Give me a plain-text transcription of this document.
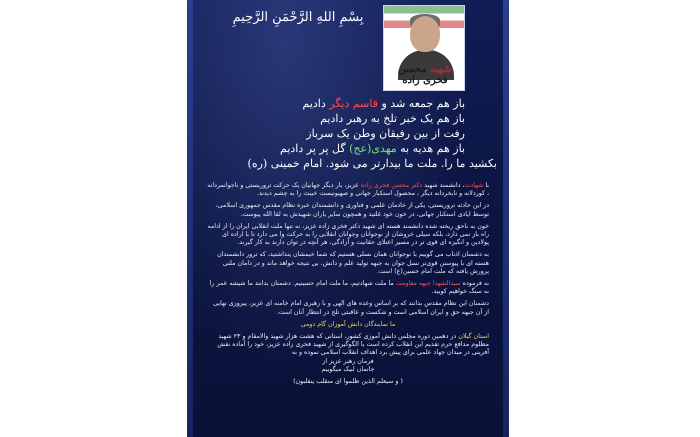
بِسْمِ اللهِ الرَّحْمَنِ الرَّحِیمِ
شهید محسن فخری زاده
باز هم جمعه شد و قاسم دیگر دادیم
باز هم یک خبر تلخ به رهبر دادیم
رفت از بین رفیقان وطن یک سرباز
باز هم هدیه به مهدی(عج) گل پر پر دادیم
بکشید ما را. ملت ما بیدارتر می شود. امام خمینی (ره)

با شهادت، دانشمند شهید دکتر محسن فخری زاده عزیز، بار دیگر جهانیان یک حرکت تروریستی و ناجوانمردانه ، کوردلانه و نابخردانه دیگر ، محصول استکبار جهانی و صهیونیست خبیث را به چشم دیدند.

در این حادثه تروریستی، یکی از خادمان علمی و فناوری و دانشمندان خبره نظام مقدس جمهوری اسلامی، توسط ایادی استکبار جهانی، در خون خود غلتید و همچون سایر یاران شهیدش به لقا الله پیوست.

خون به ناحق ریخته شده دانشمند هسته ای شهید دکتر فخری زاده عزیز، نه تنها ملت انقلابی ایران را از ادامه راه باز نمی دارد، بلکه سیلی خروشان از نوجوانان وجوانان انقلابی را به حرکت وا می دارد تا با اراده ای پولادین و انگیزه ای قوی تر در مسیر اعتلای حقانیت و آزادگی، هر آنچه در توان دارند به کار گیرند.

به دشمنان اذناب می گوییم با نوجوانان همان نسلی هستیم که شما خیمشان پنداشتید، که ترور دانشمندان هسته ای با پیوستن قوی‌تر نسل جوان به جبهه تولید علم و دانش، بی نتیجه خواهد ماند و در دامان ملتی پرورش یافته که ملت امام حسین(ع) است.

به فرموده سیدالشهدا جبهه مقاومت ما ملت شهادتیم، ما ملت امام حسینیم. دشمنان بدانند ما شیشه عمر را به سنگ خواهیم کوبید.

دشمنان این نظام مقدس بدانند که بر اساس وعده های الهی و با رهبری امام خامنه ای عزیز، پیروزی نهایی از آن جبهه حق و ایران اسلامی است و شکست و عاقبتی تلخ در انتظار آنان است.

ما نمایندگان دانش آموزان گام دومی

استان گیلان در دهمین دوره مجلس دانش آموزی کشور، استانی که هشت هزار شهید والامقام و ۲۳ شهید مظلوم مدافع حرم تقدیم این انقلاب کرده است با الگوگیری از شهید فخری زاده عزیز، خود را آماده نقش آفرینی در میدان جهاد علمی برای پیش برد اهداف انقلاب اسلامی نموده و به
فرمان رهبر عزیز از
جانمان لبیک میگوییم

( و سیعلم الذین ظلموا ای منقلب ینقلبون)
